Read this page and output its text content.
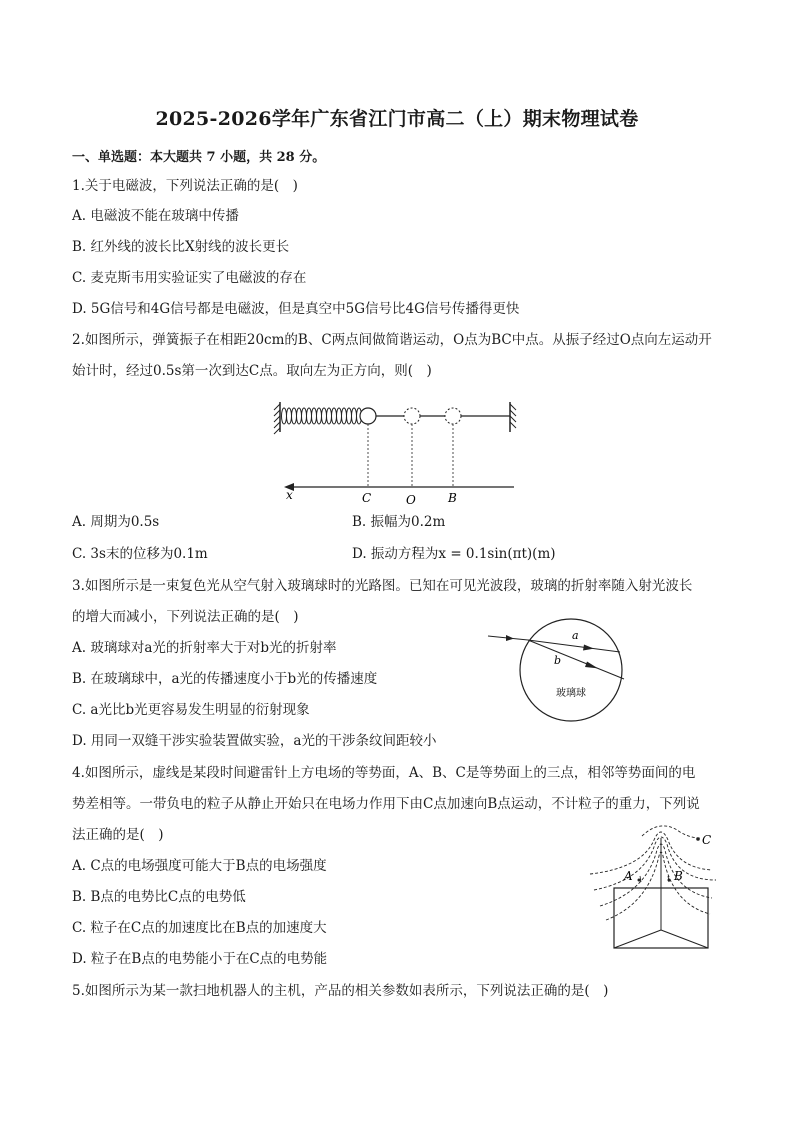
2025-2026学年广东省江门市高二（上）期末物理试卷
一、单选题：本大题共 7 小题，共 28 分。
1.关于电磁波，下列说法正确的是(　)
A. 电磁波不能在玻璃中传播
B. 红外线的波长比X射线的波长更长
C. 麦克斯韦用实验证实了电磁波的存在
D. 5G信号和4G信号都是电磁波，但是真空中5G信号比4G信号传播得更快
2.如图所示，弹簧振子在相距20cm的B、C两点间做简谐运动，O点为BC中点。从振子经过O点向左运动开
始计时，经过0.5s第一次到达C点。取向左为正方向，则(　)
x	C	O	B
A. 周期为0.5s	B. 振幅为0.2m
C. 3s末的位移为0.1m	D. 振动方程为x = 0.1sin(πt)(m)
3.如图所示是一束复色光从空气射入玻璃球时的光路图。已知在可见光波段，玻璃的折射率随入射光波长
的增大而减小，下列说法正确的是(　)
A. 玻璃球对a光的折射率大于对b光的折射率
B. 在玻璃球中，a光的传播速度小于b光的传播速度
C. a光比b光更容易发生明显的衍射现象
D. 用同一双缝干涉实验装置做实验，a光的干涉条纹间距较小
a
b
玻璃球
4.如图所示，虚线是某段时间避雷针上方电场的等势面，A、B、C是等势面上的三点，相邻等势面间的电
势差相等。一带负电的粒子从静止开始只在电场力作用下由C点加速向B点运动，不计粒子的重力，下列说
法正确的是(　)
A. C点的电场强度可能大于B点的电场强度
B. B点的电势比C点的电势低
C. 粒子在C点的加速度比在B点的加速度大
D. 粒子在B点的电势能小于在C点的电势能
C
A	B
5.如图所示为某一款扫地机器人的主机，产品的相关参数如表所示，下列说法正确的是(　)
